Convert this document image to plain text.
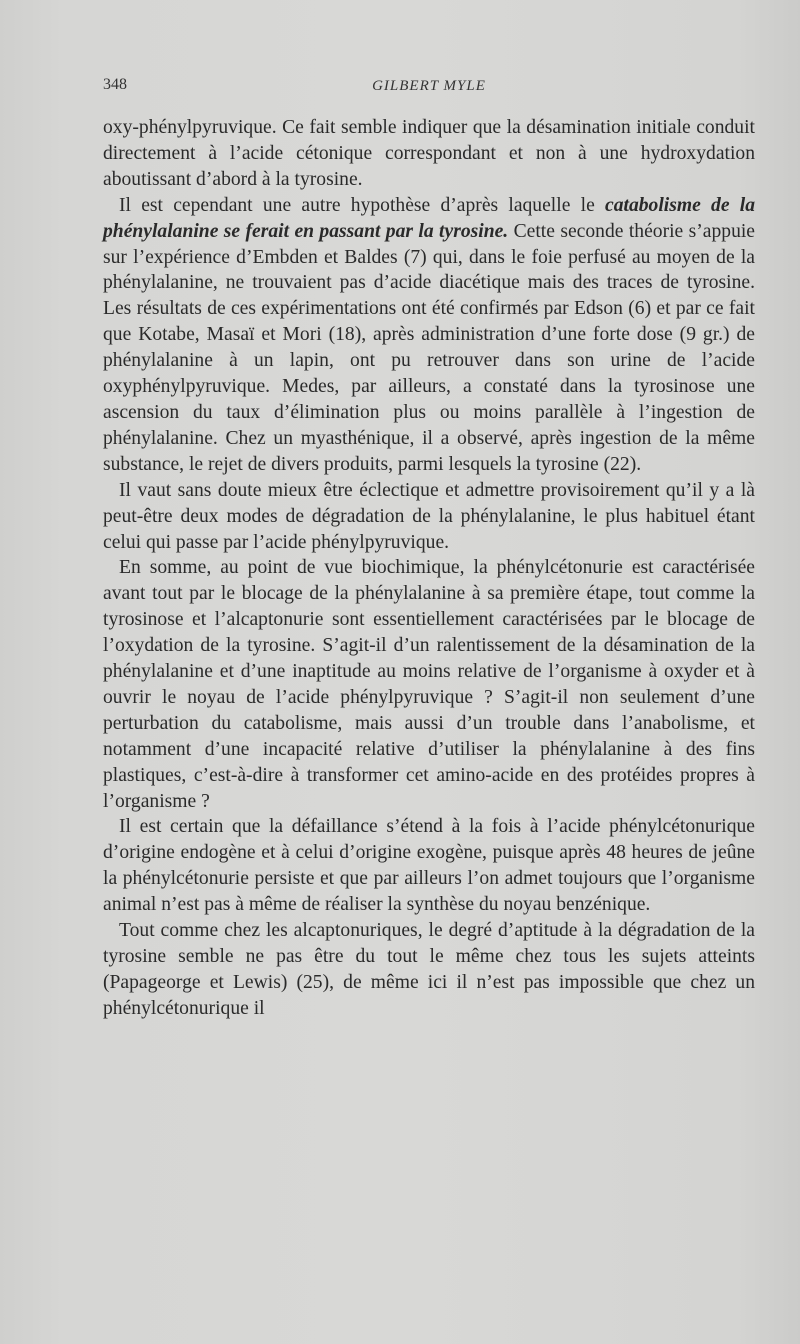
348	GILBERT MYLE

oxy-phénylpyruvique. Ce fait semble indiquer que la désamination initiale conduit directement à l’acide cétonique correspondant et non à une hydroxydation aboutissant d’abord à la tyrosine.

Il est cependant une autre hypothèse d’après laquelle le catabolisme de la phénylalanine se ferait en passant par la tyrosine. Cette seconde théorie s’appuie sur l’expérience d’Embden et Baldes (7) qui, dans le foie perfusé au moyen de la phénylalanine, ne trouvaient pas d’acide diacétique mais des traces de tyrosine. Les résultats de ces expérimentations ont été confirmés par Edson (6) et par ce fait que Kotabe, Masaï et Mori (18), après administration d’une forte dose (9 gr.) de phénylalanine à un lapin, ont pu retrouver dans son urine de l’acide oxyphénylpyruvique. Medes, par ailleurs, a constaté dans la tyrosinose une ascension du taux d’élimination plus ou moins parallèle à l’ingestion de phénylalanine. Chez un myasthénique, il a observé, après ingestion de la même substance, le rejet de divers produits, parmi lesquels la tyrosine (22).

Il vaut sans doute mieux être éclectique et admettre provisoirement qu’il y a là peut-être deux modes de dégradation de la phénylalanine, le plus habituel étant celui qui passe par l’acide phénylpyruvique.

En somme, au point de vue biochimique, la phénylcétonurie est caractérisée avant tout par le blocage de la phénylalanine à sa première étape, tout comme la tyrosinose et l’alcaptonurie sont essentiellement caractérisées par le blocage de l’oxydation de la tyrosine. S’agit-il d’un ralentissement de la désamination de la phénylalanine et d’une inaptitude au moins relative de l’organisme à oxyder et à ouvrir le noyau de l’acide phénylpyruvique ? S’agit-il non seulement d’une perturbation du catabolisme, mais aussi d’un trouble dans l’anabolisme, et notamment d’une incapacité relative d’utiliser la phénylalanine à des fins plastiques, c’est-à-dire à transformer cet amino-acide en des protéides propres à l’organisme ?

Il est certain que la défaillance s’étend à la fois à l’acide phénylcétonurique d’origine endogène et à celui d’origine exogène, puisque après 48 heures de jeûne la phénylcétonurie persiste et que par ailleurs l’on admet toujours que l’organisme animal n’est pas à même de réaliser la synthèse du noyau benzénique.

Tout comme chez les alcaptonuriques, le degré d’aptitude à la dégradation de la tyrosine semble ne pas être du tout le même chez tous les sujets atteints (Papageorge et Lewis) (25), de même ici il n’est pas impossible que chez un phénylcétonurique il
